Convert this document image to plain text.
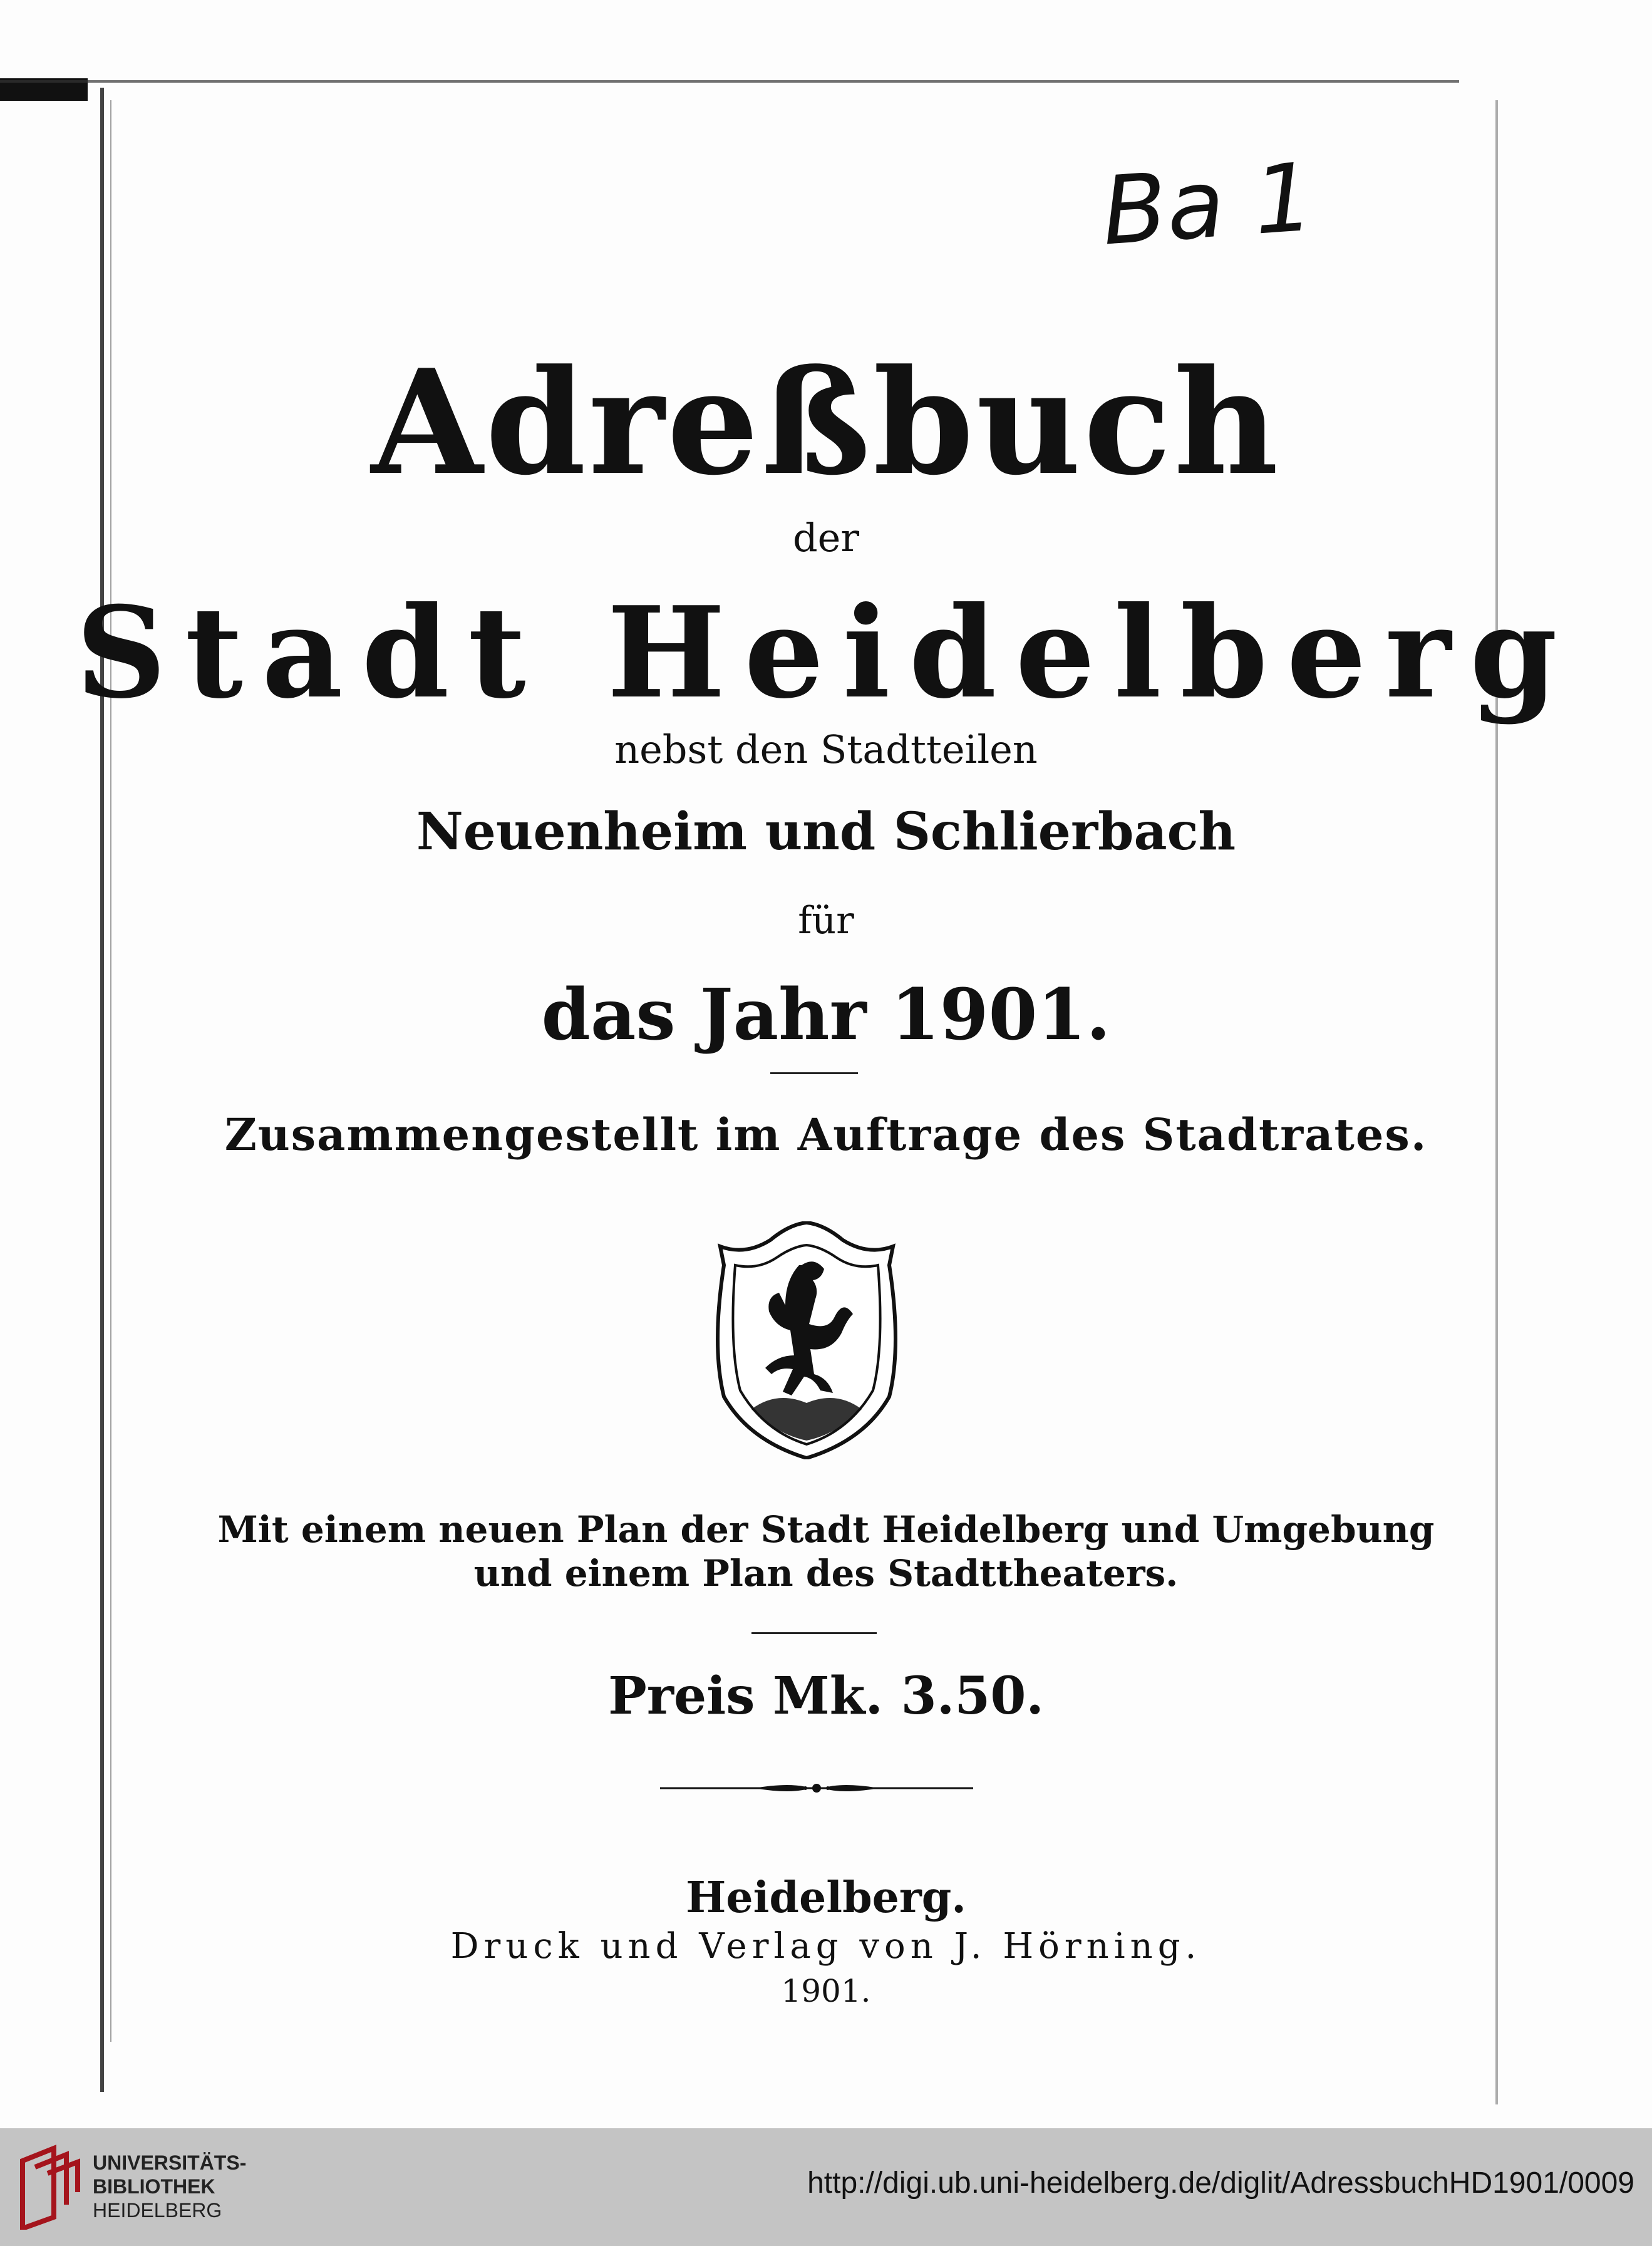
Ba 1
Adreßbuch
der
Stadt Heidelberg
nebst den Stadtteilen
Neuenheim und Schlierbach
für
das Jahr 1901.
Zusammengestellt im Auftrage des Stadtrates.
Mit einem neuen Plan der Stadt Heidelberg und Umgebung
und einem Plan des Stadttheaters.
Preis Mk. 3.50.
Heidelberg.
Druck und Verlag von J. Hörning.
1901.
UNIVERSITÄTS-
BIBLIOTHEK
HEIDELBERG
http://digi.ub.uni-heidelberg.de/diglit/AdressbuchHD1901/0009
